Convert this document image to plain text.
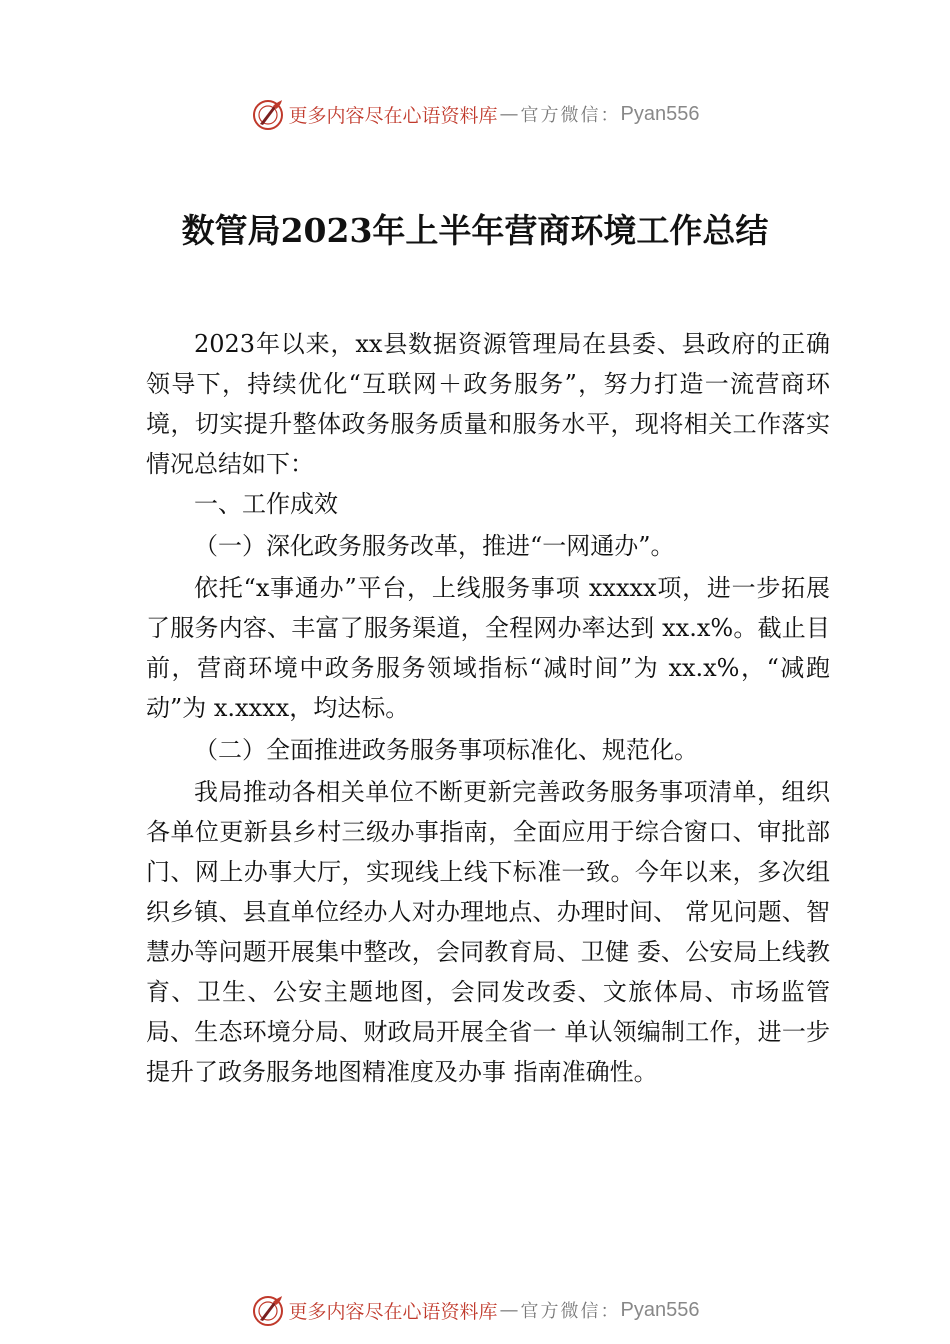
更多内容尽在心语资料库 — 官方微信： Pyan556
数管局2023年上半年营商环境工作总结

2023年以来，xx县数据资源管理局在县委、县政府的正确领导下，持续优化“互联网＋政务服务”，努力打造一流营商环境，切实提升整体政务服务质量和服务水平，现将相关工作落实情况总结如下：

一、工作成效

（一）深化政务服务改革，推进“一网通办”。

依托“x事通办”平台，上线服务事项 xxxxx项，进一步拓展了服务内容、丰富了服务渠道，全程网办率达到 xx.x%。截止目前，营商环境中政务服务领域指标“减时间”为 xx.x%，“减跑动”为 x.xxxx，均达标。

（二）全面推进政务服务事项标准化、规范化。

我局推动各相关单位不断更新完善政务服务事项清单，组织各单位更新县乡村三级办事指南，全面应用于综合窗口、审批部门、网上办事大厅，实现线上线下标准一致。今年以来，多次组织乡镇、县直单位经办人对办理地点、办理时间、 常见问题、智慧办等问题开展集中整改，会同教育局、卫健 委、公安局上线教育、卫生、公安主题地图，会同发改委、文旅体局、市场监管局、生态环境分局、财政局开展全省一 单认领编制工作，进一步提升了政务服务地图精准度及办事 指南准确性。

更多内容尽在心语资料库 — 官方微信： Pyan556
